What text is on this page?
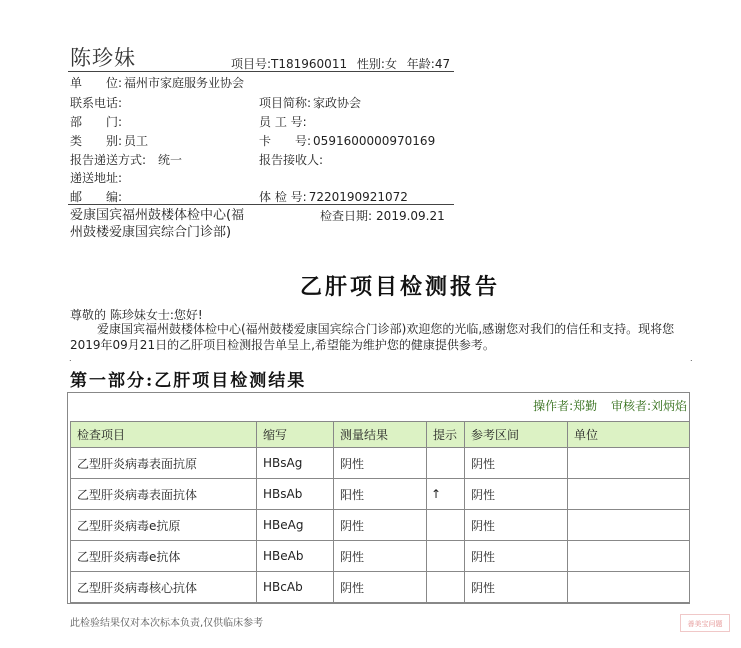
陈珍妹	项目号:T181960011 性别:女 年龄:47
单　　位: 福州市家庭服务业协会
联系电话:	项目简称: 家政协会
部　　门:	员 工 号:
类　　别: 员工	卡　　号: 0591600000970169
报告递送方式: 统一	报告接收人:
递送地址:
邮　　编:	体 检 号: 7220190921072
爱康国宾福州鼓楼体检中心(福州鼓楼爱康国宾综合门诊部)
检查日期: 2019.09.21
乙肝项目检测报告
尊敬的 陈珍妹女士:您好!
爱康国宾福州鼓楼体检中心(福州鼓楼爱康国宾综合门诊部)欢迎您的光临,感谢您对我们的信任和支持。现将您2019年09月21日的乙肝项目检测报告单呈上,希望能为维护您的健康提供参考。
.	.
第一部分:乙肝项目检测结果
操作者:郑勤 审核者:刘炳焰
检查项目	缩写	测量结果	提示	参考区间	单位
乙型肝炎病毒表面抗原	HBsAg	阴性		阴性	
乙型肝炎病毒表面抗体	HBsAb	阳性	↑	阴性	
乙型肝炎病毒e抗原	HBeAg	阴性		阴性	
乙型肝炎病毒e抗体	HBeAb	阴性		阴性	
乙型肝炎病毒核心抗体	HBcAb	阴性		阴性	
此检验结果仅对本次标本负责,仅供临床参考	善美宝问题
